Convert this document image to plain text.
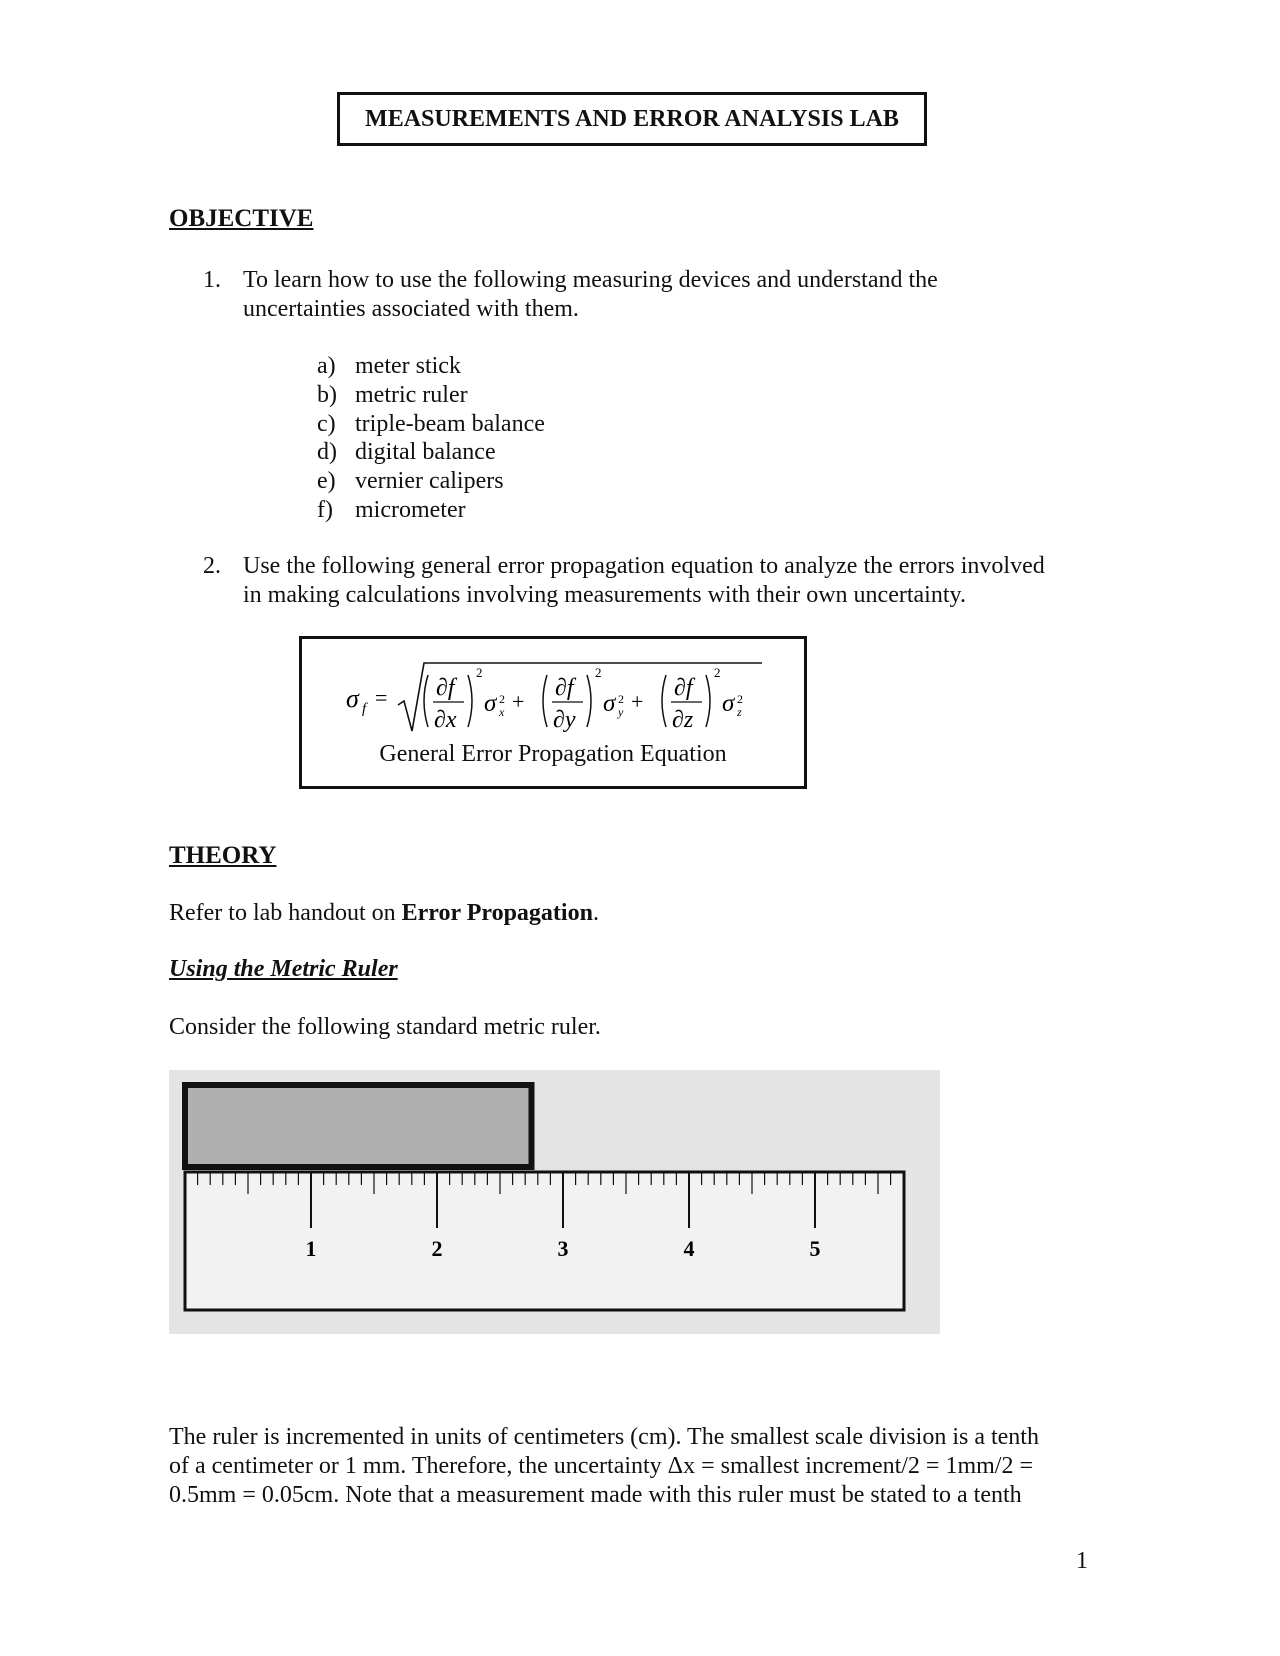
MEASUREMENTS AND ERROR ANALYSIS LAB
OBJECTIVE
1. To learn how to use the following measuring devices and understand the
uncertainties associated with them.
a) meter stick
b) metric ruler
c) triple-beam balance
d) digital balance
e) vernier calipers
f) micrometer
2. Use the following general error propagation equation to analyze the errors involved
in making calculations involving measurements with their own uncertainty.
σ f = ∂f
∂x
2
σ 2
x +
∂f
∂y
2
σ 2
y +
∂f
∂z
2
σ 2
z
General Error Propagation Equation
THEORY
Refer to lab handout on Error Propagation.
Using the Metric Ruler
Consider the following standard metric ruler.
1	2	3	4	5
The ruler is incremented in units of centimeters (cm). The smallest scale division is a tenth
of a centimeter or 1 mm. Therefore, the uncertainty Δx = smallest increment/2 = 1mm/2 =
0.5mm = 0.05cm. Note that a measurement made with this ruler must be stated to a tenth
1
